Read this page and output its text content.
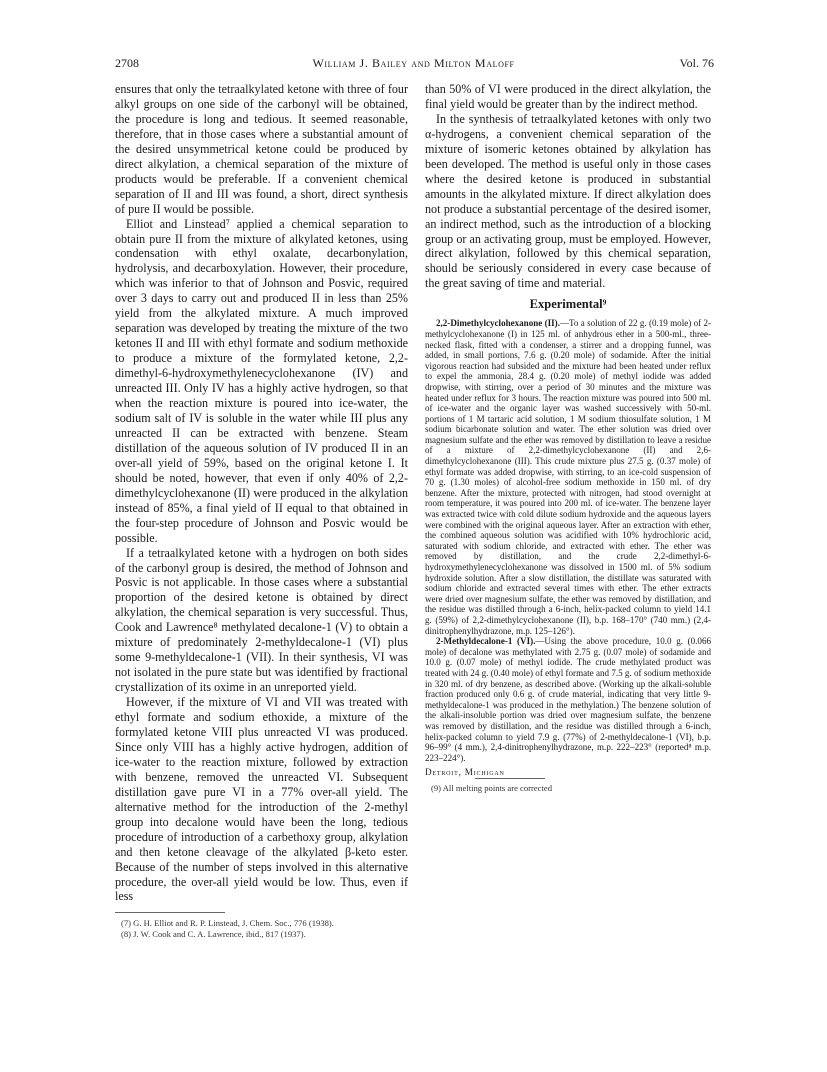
2708	William J. Bailey and Milton Maloff	Vol. 76

ensures that only the tetraalkylated ketone with three of four alkyl groups on one side of the carbonyl will be obtained, the procedure is long and tedious. It seemed reasonable, therefore, that in those cases where a substantial amount of the desired unsymmetrical ketone could be produced by direct alkylation, a chemical separation of the mixture of products would be preferable. If a convenient chemical separation of II and III was found, a short, direct synthesis of pure II would be possible.

Elliot and Linstead⁷ applied a chemical separation to obtain pure II from the mixture of alkylated ketones, using condensation with ethyl oxalate, decarbonylation, hydrolysis, and decarboxylation. However, their procedure, which was inferior to that of Johnson and Posvic, required over 3 days to carry out and produced II in less than 25% yield from the alkylated mixture. A much improved separation was developed by treating the mixture of the two ketones II and III with ethyl formate and sodium methoxide to produce a mixture of the formylated ketone, 2,2-dimethyl-6-hydroxymethylenecyclohexanone (IV) and unreacted III. Only IV has a highly active hydrogen, so that when the reaction mixture is poured into ice-water, the sodium salt of IV is soluble in the water while III plus any unreacted II can be extracted with benzene. Steam distillation of the aqueous solution of IV produced II in an over-all yield of 59%, based on the original ketone I. It should be noted, however, that even if only 40% of 2,2-dimethylcyclohexanone (II) were produced in the alkylation instead of 85%, a final yield of II equal to that obtained in the four-step procedure of Johnson and Posvic would be possible.

If a tetraalkylated ketone with a hydrogen on both sides of the carbonyl group is desired, the method of Johnson and Posvic is not applicable. In those cases where a substantial proportion of the desired ketone is obtained by direct alkylation, the chemical separation is very successful. Thus, Cook and Lawrence⁸ methylated decalone-1 (V) to obtain a mixture of predominately 2-methyldecalone-1 (VI) plus some 9-methyldecalone-1 (VII). In their synthesis, VI was not isolated in the pure state but was identified by fractional crystallization of its oxime in an unreported yield.

However, if the mixture of VI and VII was treated with ethyl formate and sodium ethoxide, a mixture of the formylated ketone VIII plus unreacted VI was produced. Since only VIII has a highly active hydrogen, addition of ice-water to the reaction mixture, followed by extraction with benzene, removed the unreacted VI. Subsequent distillation gave pure VI in a 77% over-all yield. The alternative method for the introduction of the 2-methyl group into decalone would have been the long, tedious procedure of introduction of a carbethoxy group, alkylation and then ketone cleavage of the alkylated β-keto ester. Because of the number of steps involved in this alternative procedure, the over-all yield would be low. Thus, even if less

(7) G. H. Elliot and R. P. Linstead, J. Chem. Soc., 776 (1938).

(8) J. W. Cook and C. A. Lawrence, ibid., 817 (1937).

than 50% of VI were produced in the direct alkylation, the final yield would be greater than by the indirect method.

In the synthesis of tetraalkylated ketones with only two α-hydrogens, a convenient chemical separation of the mixture of isomeric ketones obtained by alkylation has been developed. The method is useful only in those cases where the desired ketone is produced in substantial amounts in the alkylated mixture. If direct alkylation does not produce a substantial percentage of the desired isomer, an indirect method, such as the introduction of a blocking group or an activating group, must be employed. However, direct alkylation, followed by this chemical separation, should be seriously considered in every case because of the great saving of time and material.

Experimental⁹

2,2-Dimethylcyclohexanone (II).—To a solution of 22 g. (0.19 mole) of 2-methylcyclohexanone (I) in 125 ml. of anhydrous ether in a 500-ml., three-necked flask, fitted with a condenser, a stirrer and a dropping funnel, was added, in small portions, 7.6 g. (0.20 mole) of sodamide. After the initial vigorous reaction had subsided and the mixture had been heated under reflux to expel the ammonia, 28.4 g. (0.20 mole) of methyl iodide was added dropwise, with stirring, over a period of 30 minutes and the mixture was heated under reflux for 3 hours. The reaction mixture was poured into 500 ml. of ice-water and the organic layer was washed successively with 50-ml. portions of 1 M tartaric acid solution, 1 M sodium thiosulfate solution, 1 M sodium bicarbonate solution and water. The ether solution was dried over magnesium sulfate and the ether was removed by distillation to leave a residue of a mixture of 2,2-dimethylcyclohexanone (II) and 2,6-dimethylcyclohexanone (III). This crude mixture plus 27.5 g. (0.37 mole) of ethyl formate was added dropwise, with stirring, to an ice-cold suspension of 70 g. (1.30 moles) of alcohol-free sodium methoxide in 150 ml. of dry benzene. After the mixture, protected with nitrogen, had stood overnight at room temperature, it was poured into 200 ml. of ice-water. The benzene layer was extracted twice with cold dilute sodium hydroxide and the aqueous layers were combined with the original aqueous layer. After an extraction with ether, the combined aqueous solution was acidified with 10% hydrochloric acid, saturated with sodium chloride, and extracted with ether. The ether was removed by distillation, and the crude 2,2-dimethyl-6-hydroxymethylenecyclohexanone was dissolved in 1500 ml. of 5% sodium hydroxide solution. After a slow distillation, the distillate was saturated with sodium chloride and extracted several times with ether. The ether extracts were dried over magnesium sulfate, the ether was removed by distillation, and the residue was distilled through a 6-inch, helix-packed column to yield 14.1 g. (59%) of 2,2-dimethylcyclohexanone (II), b.p. 168–170° (740 mm.) (2,4-dinitrophenylhydrazone, m.p. 125–126°).

2-Methyldecalone-1 (VI).—Using the above procedure, 10.0 g. (0.066 mole) of decalone was methylated with 2.75 g. (0.07 mole) of sodamide and 10.0 g. (0.07 mole) of methyl iodide. The crude methylated product was treated with 24 g. (0.40 mole) of ethyl formate and 7.5 g. of sodium methoxide in 320 ml. of dry benzene, as described above. (Working up the alkali-soluble fraction produced only 0.6 g. of crude material, indicating that very little 9-methyldecalone-1 was produced in the methylation.) The benzene solution of the alkali-insoluble portion was dried over magnesium sulfate, the benzene was removed by distillation, and the residue was distilled through a 6-inch, helix-packed column to yield 7.9 g. (77%) of 2-methyldecalone-1 (VI), b.p. 96–99° (4 mm.), 2,4-dinitrophenylhydrazone, m.p. 222–223° (reported⁸ m.p. 223–224°).

Detroit, Michigan

(9) All melting points are corrected
